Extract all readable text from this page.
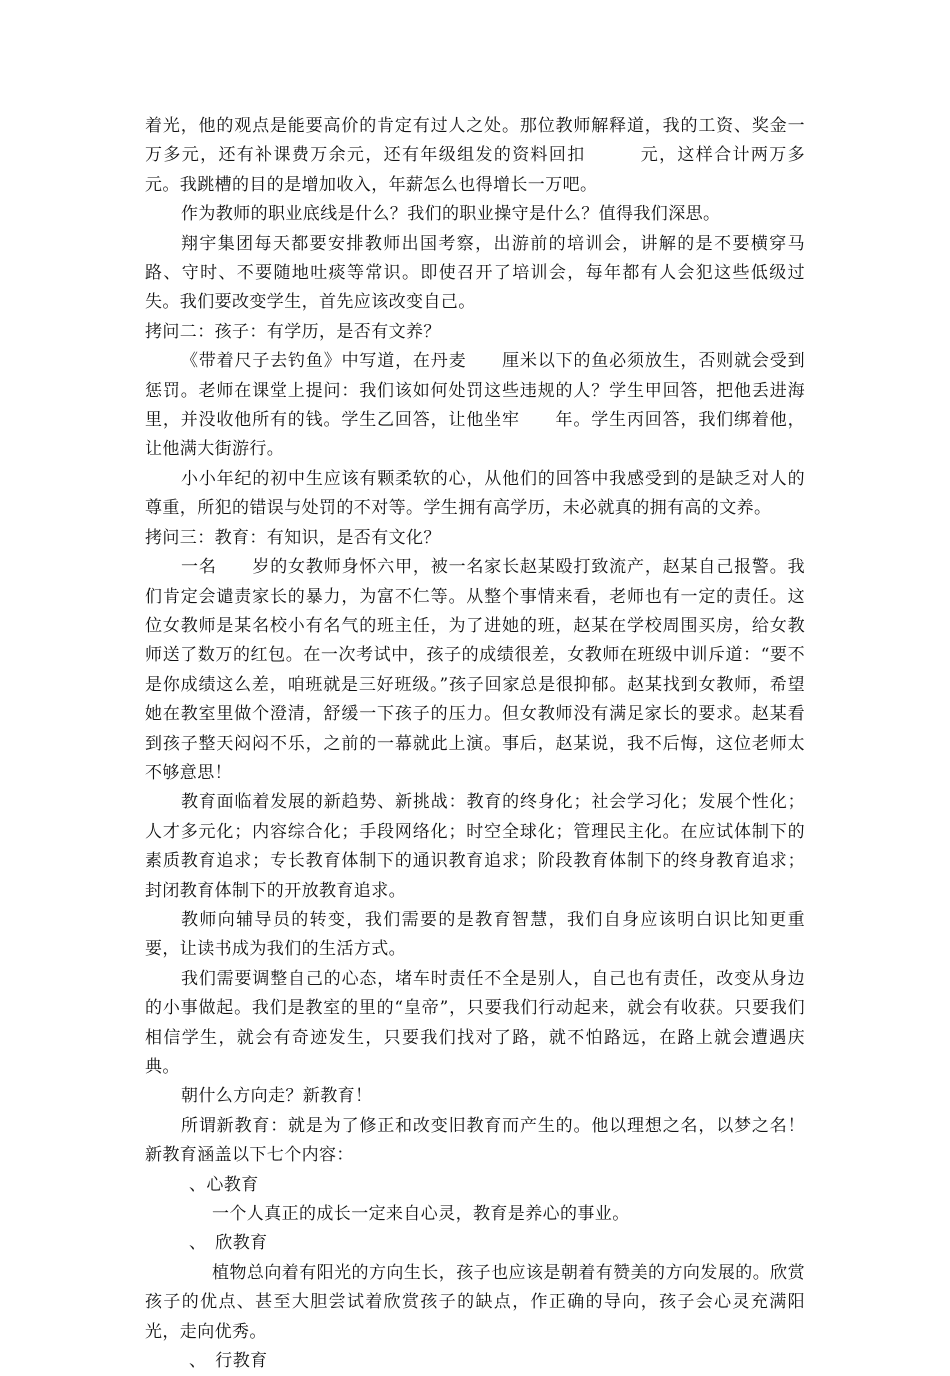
着光，他的观点是能要高价的肯定有过人之处。那位教师解释道，我的工资、奖金一万多元，还有补课费万余元，还有年级组发的资料回扣　　　元，这样合计两万多元。我跳槽的目的是增加收入，年薪怎么也得增长一万吧。

作为教师的职业底线是什么？我们的职业操守是什么？值得我们深思。

翔宇集团每天都要安排教师出国考察，出游前的培训会，讲解的是不要横穿马路、守时、不要随地吐痰等常识。即使召开了培训会，每年都有人会犯这些低级过失。我们要改变学生，首先应该改变自己。

拷问二：孩子：有学历，是否有文养？

《带着尺子去钓鱼》中写道，在丹麦　　厘米以下的鱼必须放生，否则就会受到惩罚。老师在课堂上提问：我们该如何处罚这些违规的人？学生甲回答，把他丢进海里，并没收他所有的钱。学生乙回答，让他坐牢　　年。学生丙回答，我们绑着他，让他满大街游行。

小小年纪的初中生应该有颗柔软的心，从他们的回答中我感受到的是缺乏对人的尊重，所犯的错误与处罚的不对等。学生拥有高学历，未必就真的拥有高的文养。

拷问三：教育：有知识，是否有文化？

一名　　岁的女教师身怀六甲，被一名家长赵某殴打致流产，赵某自己报警。我们肯定会谴责家长的暴力，为富不仁等。从整个事情来看，老师也有一定的责任。这位女教师是某名校小有名气的班主任，为了进她的班，赵某在学校周围买房，给女教师送了数万的红包。在一次考试中，孩子的成绩很差，女教师在班级中训斥道：“要不是你成绩这么差，咱班就是三好班级。”孩子回家总是很抑郁。赵某找到女教师，希望她在教室里做个澄清，舒缓一下孩子的压力。但女教师没有满足家长的要求。赵某看到孩子整天闷闷不乐，之前的一幕就此上演。事后，赵某说，我不后悔，这位老师太不够意思！

教育面临着发展的新趋势、新挑战：教育的终身化；社会学习化；发展个性化；人才多元化；内容综合化；手段网络化；时空全球化；管理民主化。在应试体制下的素质教育追求；专长教育体制下的通识教育追求；阶段教育体制下的终身教育追求；封闭教育体制下的开放教育追求。

教师向辅导员的转变，我们需要的是教育智慧，我们自身应该明白识比知更重要，让读书成为我们的生活方式。

我们需要调整自己的心态，堵车时责任不全是别人，自己也有责任，改变从身边的小事做起。我们是教室的里的“皇帝”，只要我们行动起来，就会有收获。只要我们相信学生，就会有奇迹发生，只要我们找对了路，就不怕路远，在路上就会遭遇庆典。

朝什么方向走？新教育！

所谓新教育：就是为了修正和改变旧教育而产生的。他以理想之名，以梦之名！新教育涵盖以下七个内容：

、心教育

一个人真正的成长一定来自心灵，教育是养心的事业。

、　欣教育

植物总向着有阳光的方向生长，孩子也应该是朝着有赞美的方向发展的。欣赏孩子的优点、甚至大胆尝试着欣赏孩子的缺点，作正确的导向，孩子会心灵充满阳光，走向优秀。

、　行教育
